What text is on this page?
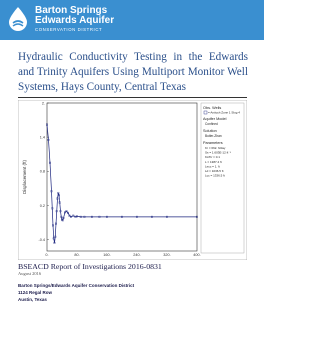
Barton Springs
Edwards Aquifer
CONSERVATION DISTRICT
Hydraulic Conductivity Testing in the Edwards and Trinity Aquifers Using Multiport Monitor Well Systems, Hays County, Central Texas
Displacement (ft)
2.
1.4
0.8
0.2
-0.4
0.	80.	160.	240.	320.	400.
Obs. Wells
= Antioch Zone 1 Slug 4
Aquifer Model
Confined
Solution
Butler-Zhan
Parameters
Kr = 662. ft/day
Ss = 1.603E-12 ft⁻¹
Kz/Kr = 0.1
L = 1387.4 ft
Lecc = 1. ft
Ld = 1036.5 ft
Lcc = 1336.5 ft
BSEACD Report of Investigations 2016-0831
August 2016
Barton Springs/Edwards Aquifer Conservation District
1124 Regal Row
Austin, Texas
